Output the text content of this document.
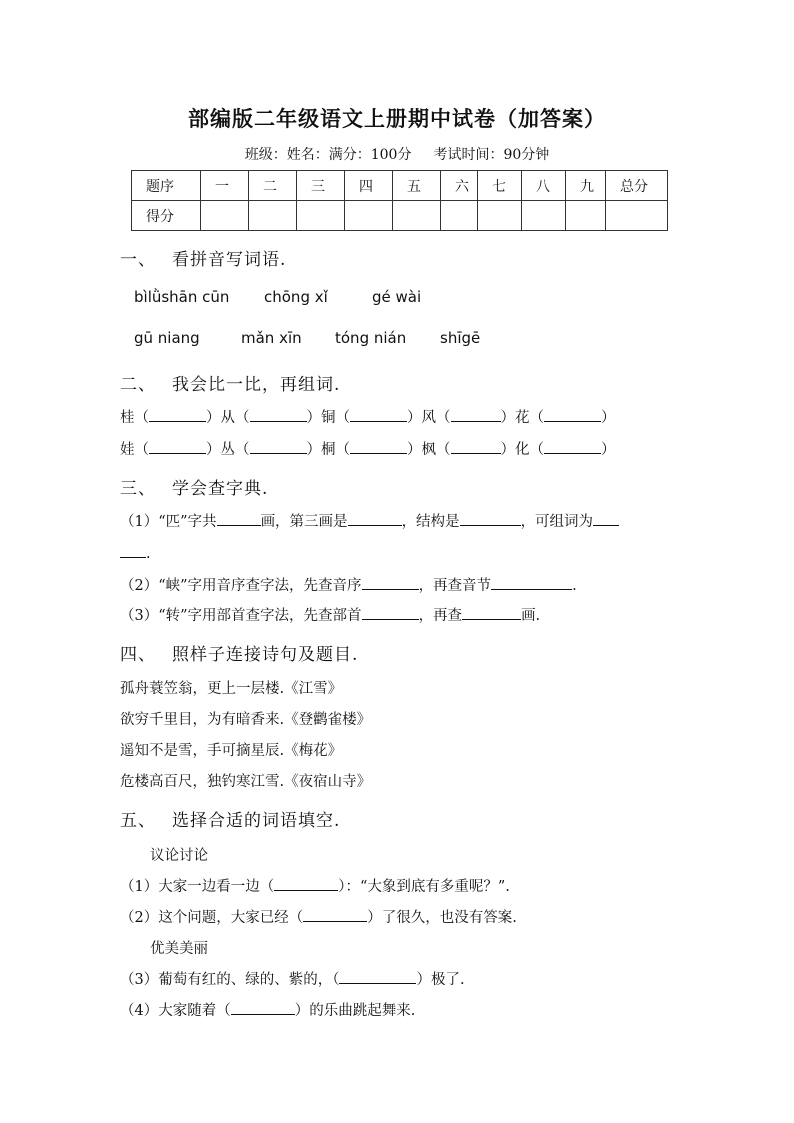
部编版二年级语文上册期中试卷（加答案）
班级：姓名：满分：100分 考试时间：90分钟
题序	一	二	三	四	五	六	七	八	九	总分
得分										
一、 看拼音写词语.
bìlǜshān cūn chōng xǐ	gé wài
gū niang	mǎn xīn tóng nián shīgē
二、 我会比一比，再组词.
桂（	）从（	）铜（	）风（	）花（	）
娃（	）丛（	）桐（	）枫（	）化（	）
三、 学会查字典.
（1）“匹”字共	画，第三画是	，结构是	，可组词为
.
（2）“峡”字用音序查字法，先查音序	，再查音节	.
（3）“转”字用部首查字法，先查部首	，再查	画.
四、 照样子连接诗句及题目.
孤舟蓑笠翁，更上一层楼.《江雪》
欲穷千里目，为有暗香来.《登鹳雀楼》
遥知不是雪，手可摘星辰.《梅花》
危楼高百尺，独钓寒江雪.《夜宿山寺》
五、 选择合适的词语填空.
议论讨论
（1）大家一边看一边（	）：“大象到底有多重呢？”.
（2）这个问题，大家已经（	）了很久，也没有答案.
优美美丽
（3）葡萄有红的、绿的、紫的，（	）极了.
（4）大家随着（	）的乐曲跳起舞来.
